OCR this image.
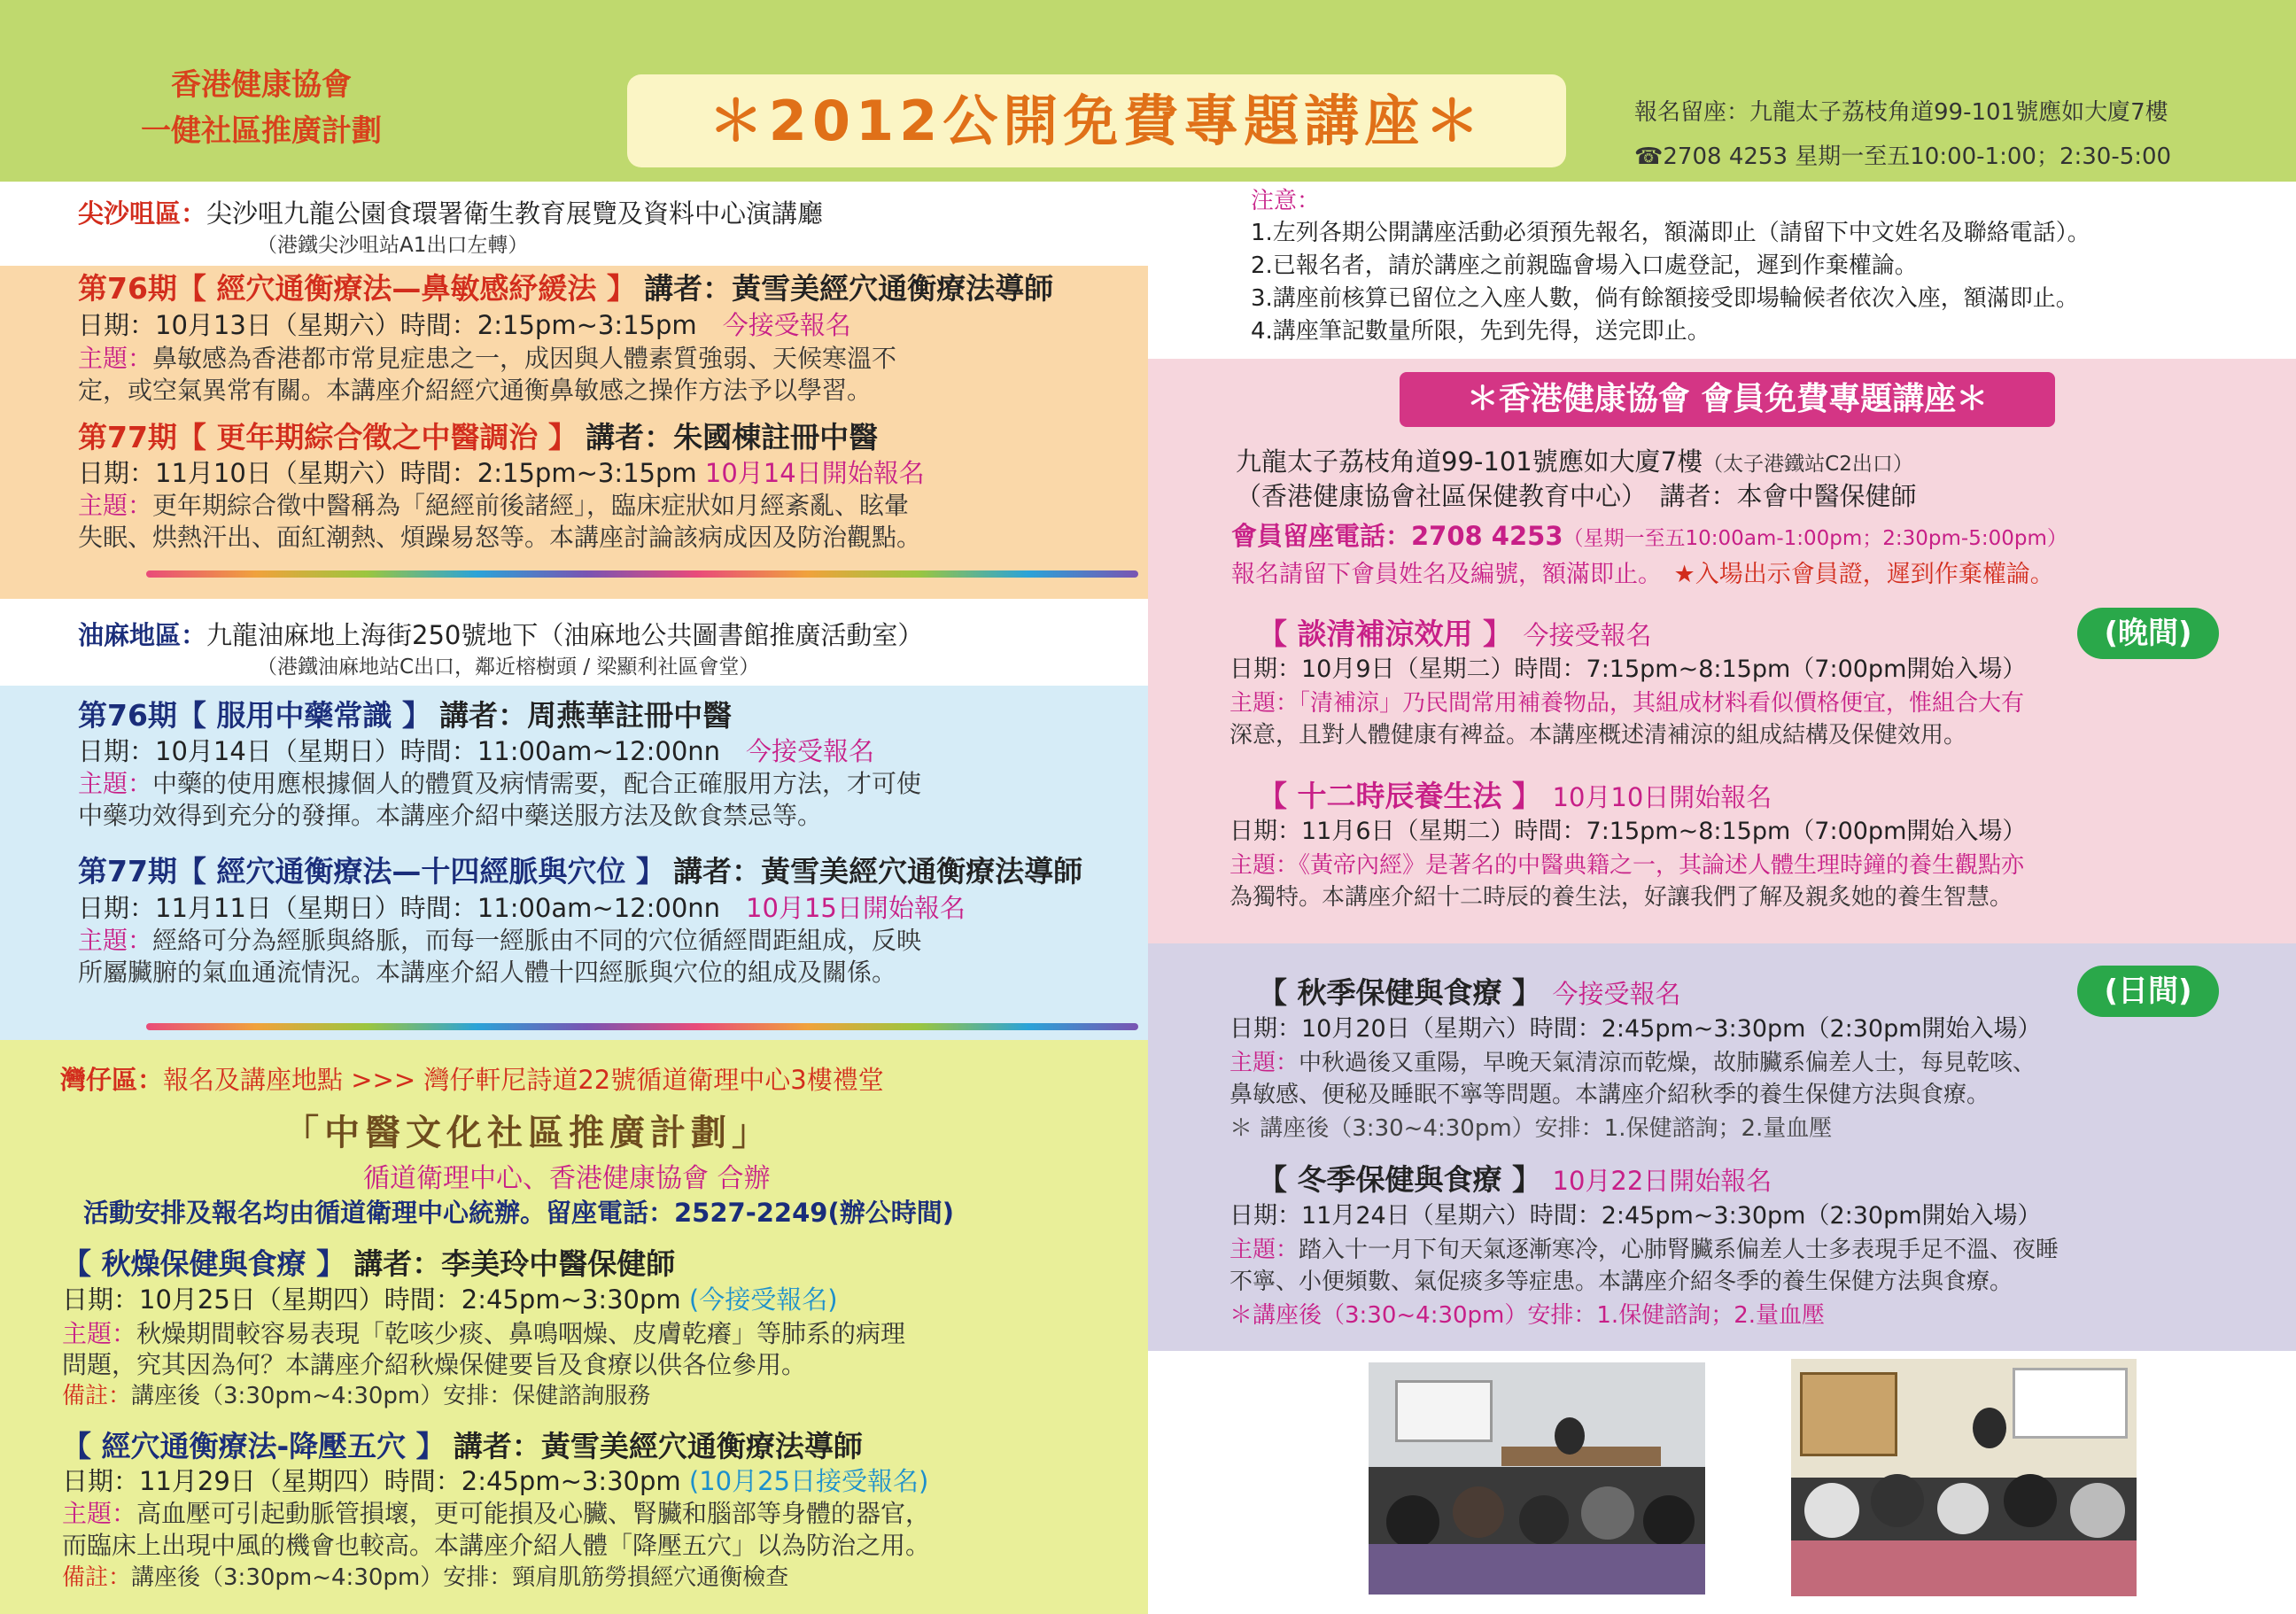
香港健康協會
一健社區推廣計劃	＊2012公開免費專題講座＊	報名留座：九龍太子荔枝角道99-101號應如大廈7樓
☎2708 4253 星期一至五10:00-1:00；2:30-5:00
尖沙咀區：尖沙咀九龍公園食環署衛生教育展覽及資料中心演講廳
（港鐵尖沙咀站A1出口左轉）
第76期【 經穴通衡療法—鼻敏感紓緩法 】 講者：黃雪美經穴通衡療法導師
日期：10月13日（星期六）時間：2:15pm~3:15pm　 今接受報名
主題：鼻敏感為香港都市常見症患之一，成因與人體素質強弱、天候寒溫不
定，或空氣異常有關。本講座介紹經穴通衡鼻敏感之操作方法予以學習。
第77期【 更年期綜合徵之中醫調治 】 講者：朱國棟註冊中醫
日期：11月10日（星期六）時間：2:15pm~3:15pm 10月14日開始報名
主題：更年期綜合徵中醫稱為「絕經前後諸經」，臨床症狀如月經紊亂、眩暈
失眠、烘熱汗出、面紅潮熱、煩躁易怒等。本講座討論該病成因及防治觀點。
油麻地區：九龍油麻地上海街250號地下（油麻地公共圖書館推廣活動室）
（港鐵油麻地站C出口，鄰近榕樹頭 / 梁顯利社區會堂）
第76期【 服用中藥常識 】 講者：周燕華註冊中醫
日期：10月14日（星期日）時間：11:00am~12:00nn　 今接受報名
主題：中藥的使用應根據個人的體質及病情需要，配合正確服用方法，才可使
中藥功效得到充分的發揮。本講座介紹中藥送服方法及飲食禁忌等。
第77期【 經穴通衡療法—十四經脈與穴位 】 講者：黃雪美經穴通衡療法導師
日期：11月11日（星期日）時間：11:00am~12:00nn　 10月15日開始報名
主題：經絡可分為經脈與絡脈，而每一經脈由不同的穴位循經間距組成，反映
所屬臟腑的氣血通流情況。本講座介紹人體十四經脈與穴位的組成及關係。
灣仔區：報名及講座地點 >>> 灣仔軒尼詩道22號循道衛理中心3樓禮堂
「中醫文化社區推廣計劃」
循道衛理中心、香港健康協會 合辦
活動安排及報名均由循道衛理中心統辦。留座電話：2527-2249(辦公時間)
【 秋燥保健與食療 】 講者：李美玲中醫保健師
日期：10月25日（星期四）時間：2:45pm~3:30pm (今接受報名)
主題：秋燥期間較容易表現「乾咳少痰、鼻鳴咽燥、皮膚乾癢」等肺系的病理
問題，究其因為何？本講座介紹秋燥保健要旨及食療以供各位參用。
備註：講座後（3:30pm~4:30pm）安排：保健諮詢服務
【 經穴通衡療法-降壓五穴 】 講者：黃雪美經穴通衡療法導師
日期：11月29日（星期四）時間：2:45pm~3:30pm (10月25日接受報名)
主題：高血壓可引起動脈管損壞，更可能損及心臟、腎臟和腦部等身體的器官，
而臨床上出現中風的機會也較高。本講座介紹人體「降壓五穴」以為防治之用。
備註：講座後（3:30pm~4:30pm）安排：頸肩肌筋勞損經穴通衡檢查
注意：
1.左列各期公開講座活動必須預先報名，額滿即止（請留下中文姓名及聯絡電話）。
2.已報名者，請於講座之前親臨會場入口處登記，遲到作棄權論。
3.講座前核算已留位之入座人數，倘有餘額接受即場輪候者依次入座，額滿即止。
4.講座筆記數量所限，先到先得，送完即止。
＊香港健康協會 會員免費專題講座＊
九龍太子荔枝角道99-101號應如大廈7樓（太子港鐵站C2出口）
（香港健康協會社區保健教育中心）　 講者：本會中醫保健師
會員留座電話：2708 4253（星期一至五10:00am-1:00pm；2:30pm-5:00pm）
報名請留下會員姓名及編號，額滿即止。　 ★入場出示會員證，遲到作棄權論。
(晚間)
【 談清補涼效用 】　 今接受報名
日期：10月9日（星期二）時間：7:15pm~8:15pm（7:00pm開始入場）
主題：「清補涼」乃民間常用補養物品，其組成材料看似價格便宜，惟組合大有
深意，且對人體健康有裨益。本講座概述清補涼的組成結構及保健效用。
【 十二時辰養生法 】　 10月10日開始報名
日期：11月6日（星期二）時間：7:15pm~8:15pm（7:00pm開始入場）
主題：《黃帝內經》是著名的中醫典籍之一，其論述人體生理時鐘的養生觀點亦
為獨特。本講座介紹十二時辰的養生法，好讓我們了解及親炙她的養生智慧。
(日間)
【 秋季保健與食療 】　 今接受報名
日期：10月20日（星期六）時間：2:45pm~3:30pm（2:30pm開始入場）
主題：中秋過後又重陽，早晚天氣清涼而乾燥，故肺臟系偏差人士，每見乾咳、
鼻敏感、便秘及睡眠不寧等問題。本講座介紹秋季的養生保健方法與食療。
＊ 講座後（3:30~4:30pm）安排：1.保健諮詢；2.量血壓
【 冬季保健與食療 】　 10月22日開始報名
日期：11月24日（星期六）時間：2:45pm~3:30pm（2:30pm開始入場）
主題：踏入十一月下旬天氣逐漸寒冷，心肺腎臟系偏差人士多表現手足不溫、夜睡
不寧、小便頻數、氣促痰多等症患。本講座介紹冬季的養生保健方法與食療。
＊講座後（3:30~4:30pm）安排：1.保健諮詢；2.量血壓
